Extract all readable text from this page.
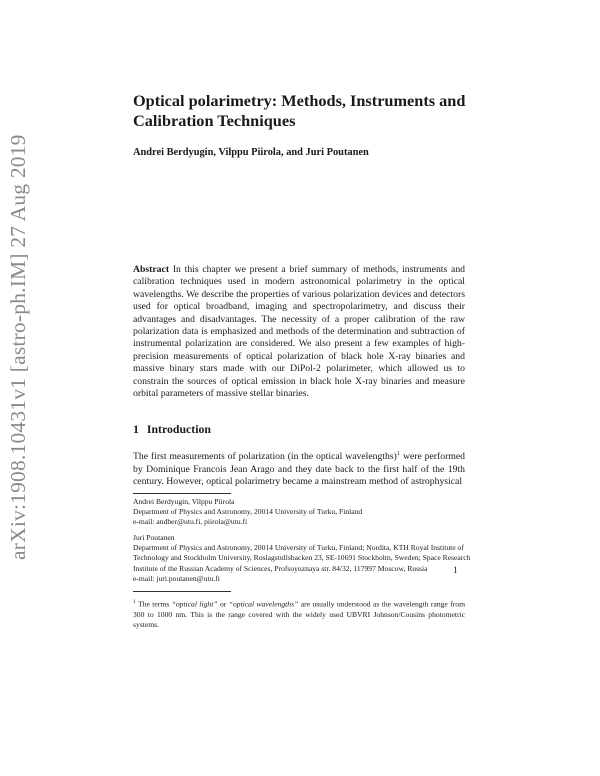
arXiv:1908.10431v1 [astro-ph.IM] 27 Aug 2019
Optical polarimetry: Methods, Instruments and Calibration Techniques
Andrei Berdyugin, Vilppu Piirola, and Juri Poutanen
Abstract In this chapter we present a brief summary of methods, instruments and calibration techniques used in modern astronomical polarimetry in the optical wavelengths. We describe the properties of various polarization devices and detectors used for optical broadband, imaging and spectropolarimetry, and discuss their advantages and disadvantages. The necessity of a proper calibration of the raw polarization data is emphasized and methods of the determination and subtraction of instrumental polarization are considered. We also present a few examples of high-precision measurements of optical polarization of black hole X-ray binaries and massive binary stars made with our DiPol-2 polarimeter, which allowed us to constrain the sources of optical emission in black hole X-ray binaries and measure orbital parameters of massive stellar binaries.
1 Introduction
The first measurements of polarization (in the optical wavelengths)$^1$ were performed by Dominique Francois Jean Arago and they date back to the first half of the 19th century. However, optical polarimetry became a mainstream method of astrophysical
Andrei Berdyugin, Vilppu Piirola
Department of Physics and Astronomy, 20014 University of Turku, Finland
e-mail: andber@utu.fi, piirola@utu.fi
Juri Poutanen
Department of Physics and Astronomy, 20014 University of Turku, Finland; Nordita, KTH Royal Institute of Technology and Stockholm University, Roslagstullsbacken 23, SE-10691 Stockholm, Sweden; Space Research Institute of the Russian Academy of Sciences, Profsoyuznaya str. 84/32, 117997 Moscow, Russia
e-mail: juri.poutanen@utu.fi
$^1$ The terms “optical light” or “optical wavelengths” are usually understood as the wavelength range from 300 to 1000 nm. This is the range covered with the widely used UBVRI Johnson/Cousins photometric systems.
1
